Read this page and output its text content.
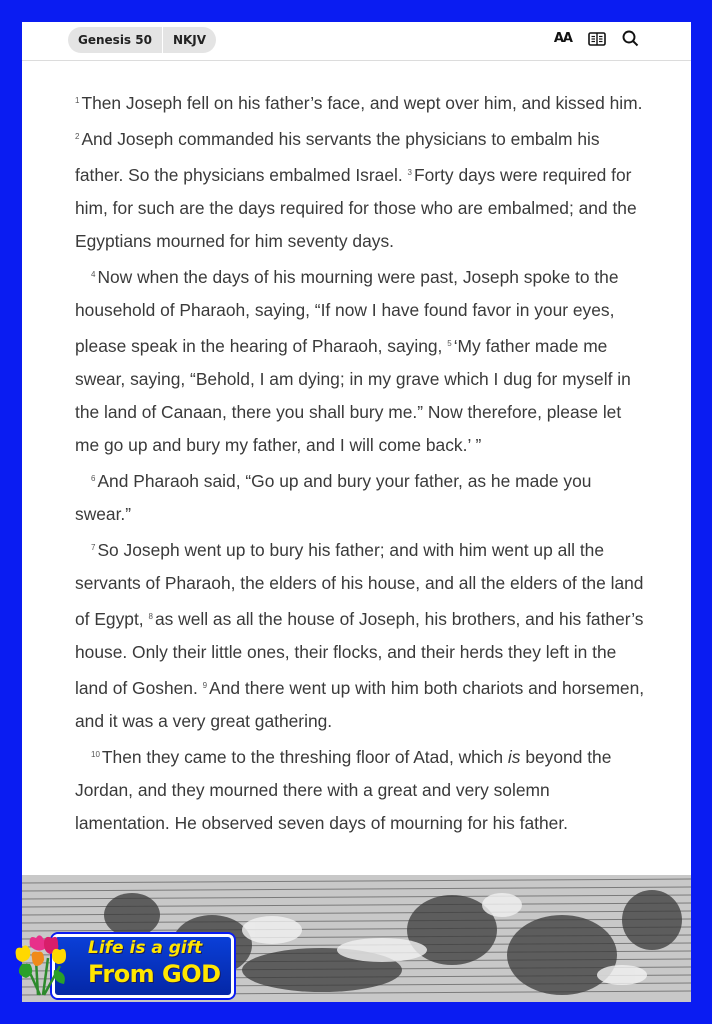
Genesis 50	NKJV	AA

$^1$ Then Joseph fell on his father’s face, and wept over him, and kissed him. $^2$ And Joseph commanded his servants the physicians to embalm his father. So the physicians embalmed Israel. $^3$ Forty days were required for him, for such are the days required for those who are embalmed; and the Egyptians mourned for him seventy days.

$^4$ Now when the days of his mourning were past, Joseph spoke to the household of Pharaoh, saying, “If now I have found favor in your eyes, please speak in the hearing of Pharaoh, saying, $^5$ ‘My father made me swear, saying, “Behold, I am dying; in my grave which I dug for myself in the land of Canaan, there you shall bury me.” Now therefore, please let me go up and bury my father, and I will come back.’ ”

$^6$ And Pharaoh said, “Go up and bury your father, as he made you swear.”

$^7$ So Joseph went up to bury his father; and with him went up all the servants of Pharaoh, the elders of his house, and all the elders of the land of Egypt, $^8$ as well as all the house of Joseph, his brothers, and his father’s house. Only their little ones, their flocks, and their herds they left in the land of Goshen. $^9$ And there went up with him both chariots and horsemen, and it was a very great gathering.

$^{10}$ Then they came to the threshing floor of Atad, which is beyond the Jordan, and they mourned there with a great and very solemn lamentation. He observed seven days of mourning for his father.

Life is a gift
From GOD
